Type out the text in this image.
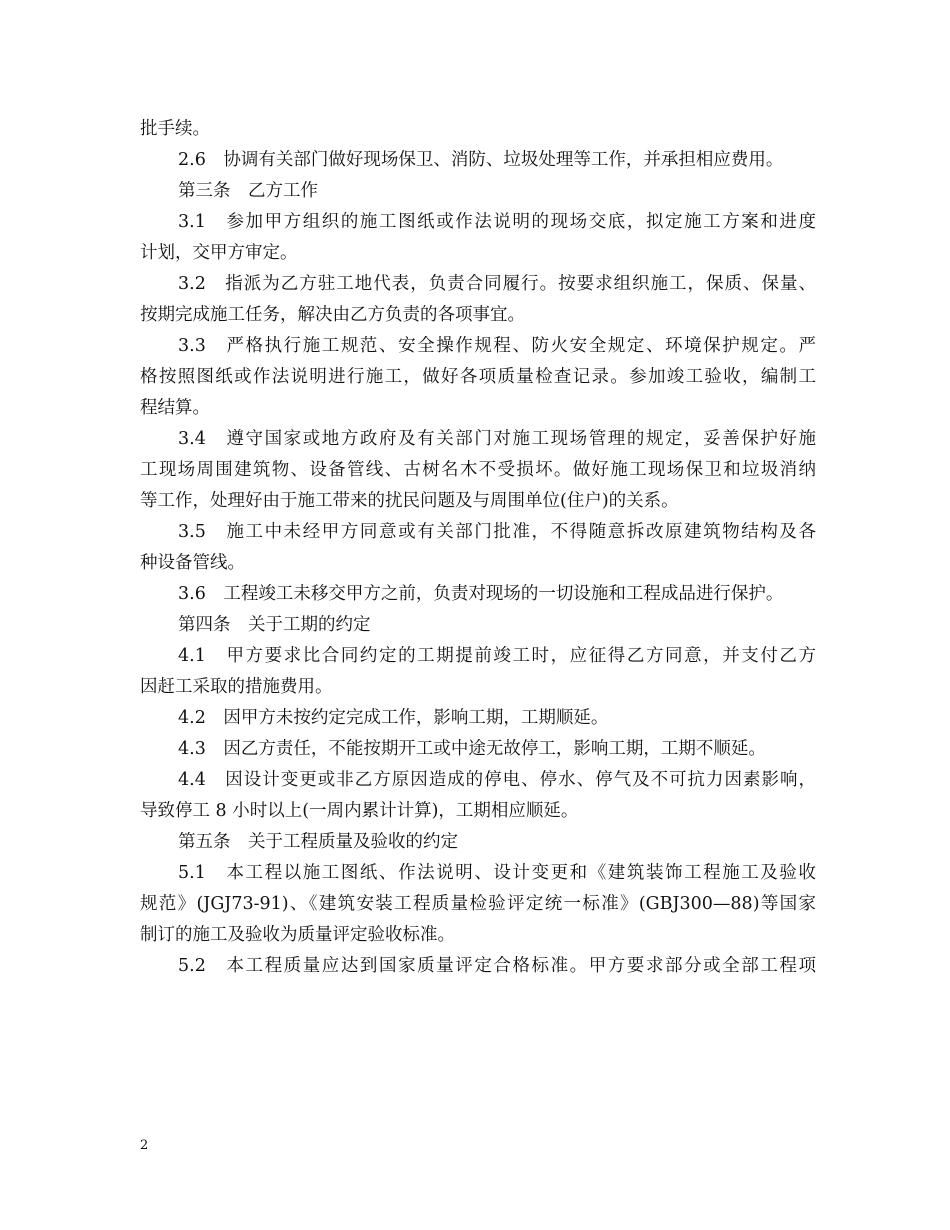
批手续。
2.6　协调有关部门做好现场保卫、消防、垃圾处理等工作，并承担相应费用。
第三条　乙方工作
3.1　参加甲方组织的施工图纸或作法说明的现场交底，拟定施工方案和进度
计划，交甲方审定。
3.2　指派为乙方驻工地代表，负责合同履行。按要求组织施工，保质、保量、
按期完成施工任务，解决由乙方负责的各项事宜。
3.3　严格执行施工规范、安全操作规程、防火安全规定、环境保护规定。严
格按照图纸或作法说明进行施工，做好各项质量检查记录。参加竣工验收，编制工
程结算。
3.4　遵守国家或地方政府及有关部门对施工现场管理的规定，妥善保护好施
工现场周围建筑物、设备管线、古树名木不受损坏。做好施工现场保卫和垃圾消纳
等工作，处理好由于施工带来的扰民问题及与周围单位(住户)的关系。
3.5　施工中未经甲方同意或有关部门批准，不得随意拆改原建筑物结构及各
种设备管线。
3.6　工程竣工未移交甲方之前，负责对现场的一切设施和工程成品进行保护。
第四条　关于工期的约定
4.1　甲方要求比合同约定的工期提前竣工时，应征得乙方同意，并支付乙方
因赶工采取的措施费用。
4.2　因甲方未按约定完成工作，影响工期，工期顺延。
4.3　因乙方责任，不能按期开工或中途无故停工，影响工期，工期不顺延。
4.4　因设计变更或非乙方原因造成的停电、停水、停气及不可抗力因素影响，
导致停工 8 小时以上(一周内累计计算)，工期相应顺延。
第五条　关于工程质量及验收的约定
5.1　本工程以施工图纸、作法说明、设计变更和《建筑装饰工程施工及验收
规范》(JGJ73-91)、《建筑安装工程质量检验评定统一标准》(GBJ300—88)等国家
制订的施工及验收为质量评定验收标准。
5.2　本工程质量应达到国家质量评定合格标准。甲方要求部分或全部工程项
2
